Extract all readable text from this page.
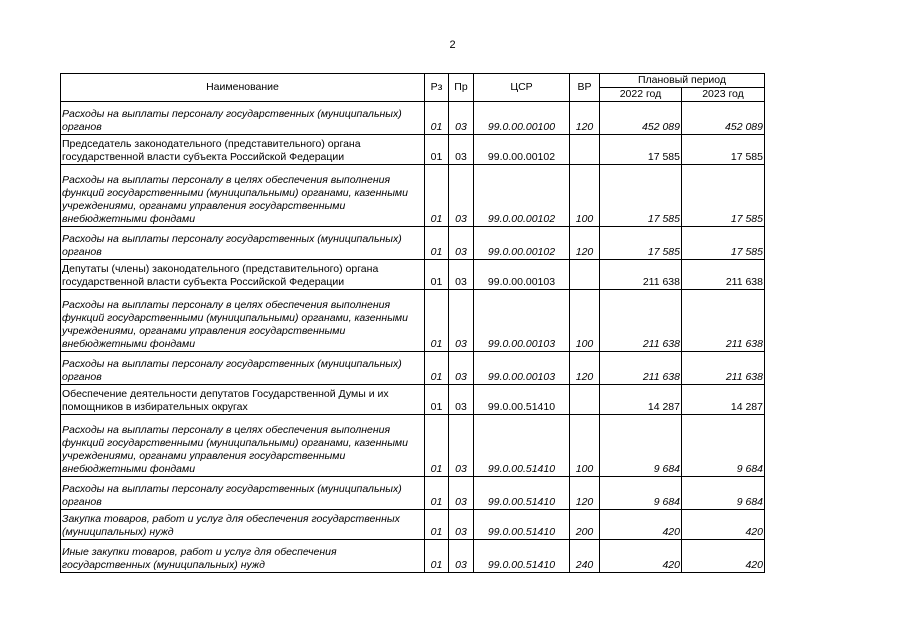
2
Наименование	Рз	Пр	ЦСР	ВР	Плановый период	
					2022 год	2023 год
Расходы на выплаты персоналу государственных (муниципальных) органов	01	03	99.0.00.00100	120	452 089	452 089
Председатель законодательного (представительного) органа государственной власти субъекта Российской Федерации	01	03	99.0.00.00102		17 585	17 585
Расходы на выплаты персоналу в целях обеспечения выполнения функций государственными (муниципальными) органами, казенными учреждениями, органами управления государственными внебюджетными фондами	01	03	99.0.00.00102	100	17 585	17 585
Расходы на выплаты персоналу государственных (муниципальных) органов	01	03	99.0.00.00102	120	17 585	17 585
Депутаты (члены) законодательного (представительного) органа государственной власти субъекта Российской Федерации	01	03	99.0.00.00103		211 638	211 638
Расходы на выплаты персоналу в целях обеспечения выполнения функций государственными (муниципальными) органами, казенными учреждениями, органами управления государственными внебюджетными фондами	01	03	99.0.00.00103	100	211 638	211 638
Расходы на выплаты персоналу государственных (муниципальных) органов	01	03	99.0.00.00103	120	211 638	211 638
Обеспечение деятельности депутатов Государственной Думы и их помощников в избирательных округах	01	03	99.0.00.51410		14 287	14 287
Расходы на выплаты персоналу в целях обеспечения выполнения функций государственными (муниципальными) органами, казенными учреждениями, органами управления государственными внебюджетными фондами	01	03	99.0.00.51410	100	9 684	9 684
Расходы на выплаты персоналу государственных (муниципальных) органов	01	03	99.0.00.51410	120	9 684	9 684
Закупка товаров, работ и услуг для обеспечения государственных (муниципальных) нужд	01	03	99.0.00.51410	200	420	420
Иные закупки товаров, работ и услуг для обеспечения государственных (муниципальных) нужд	01	03	99.0.00.51410	240	420	420
